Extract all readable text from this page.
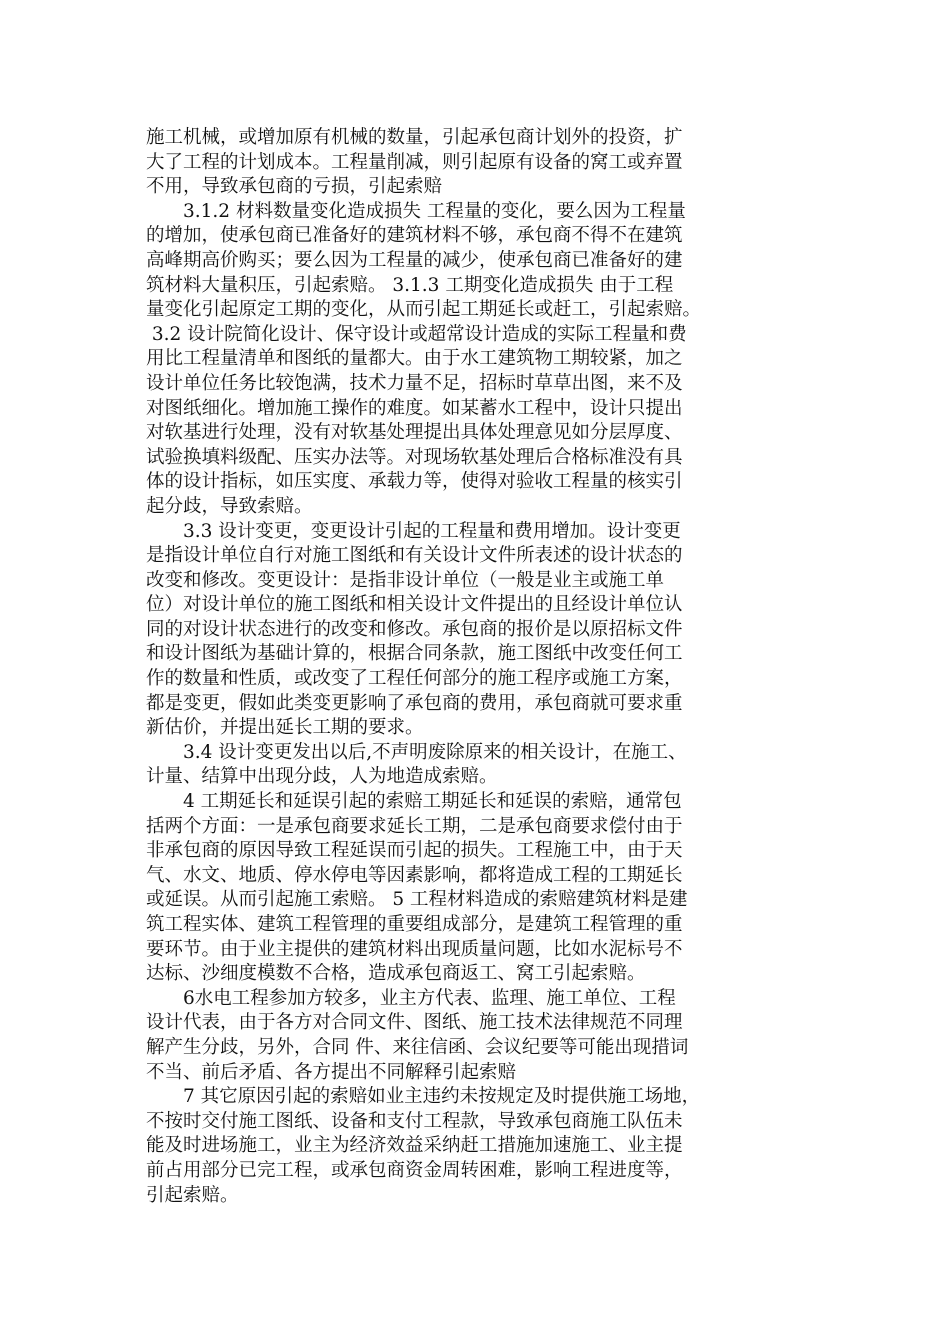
施工机械，或增加原有机械的数量，引起承包商计划外的投资，扩
大了工程的计划成本。工程量削减，则引起原有设备的窝工或弃置
不用，导致承包商的亏损，引起索赔
　　3.1.2 材料数量变化造成损失 工程量的变化，要么因为工程量
的增加，使承包商已准备好的建筑材料不够，承包商不得不在建筑
高峰期高价购买；要么因为工程量的减少，使承包商已准备好的建
筑材料大量积压，引起索赔。 3.1.3 工期变化造成损失 由于工程
量变化引起原定工期的变化，从而引起工期延长或赶工，引起索赔。
3.2 设计院简化设计、保守设计或超常设计造成的实际工程量和费
用比工程量清单和图纸的量都大。由于水工建筑物工期较紧，加之
设计单位任务比较饱满，技术力量不足，招标时草草出图，来不及
对图纸细化。增加施工操作的难度。如某蓄水工程中，设计只提出
对软基进行处理，没有对软基处理提出具体处理意见如分层厚度、
试验换填料级配、压实办法等。对现场软基处理后合格标准没有具
体的设计指标，如压实度、承载力等，使得对验收工程量的核实引
起分歧，导致索赔。
　　3.3 设计变更，变更设计引起的工程量和费用增加。设计变更
是指设计单位自行对施工图纸和有关设计文件所表述的设计状态的
改变和修改。变更设计：是指非设计单位（一般是业主或施工单
位）对设计单位的施工图纸和相关设计文件提出的且经设计单位认
同的对设计状态进行的改变和修改。承包商的报价是以原招标文件
和设计图纸为基础计算的，根据合同条款，施工图纸中改变任何工
作的数量和性质，或改变了工程任何部分的施工程序或施工方案，
都是变更，假如此类变更影响了承包商的费用，承包商就可要求重
新估价，并提出延长工期的要求。
　　3.4 设计变更发出以后,不声明废除原来的相关设计，在施工、
计量、结算中出现分歧，人为地造成索赔。
　　4 工期延长和延误引起的索赔工期延长和延误的索赔，通常包
括两个方面：一是承包商要求延长工期，二是承包商要求偿付由于
非承包商的原因导致工程延误而引起的损失。工程施工中，由于天
气、水文、地质、停水停电等因素影响，都将造成工程的工期延长
或延误。从而引起施工索赔。 5 工程材料造成的索赔建筑材料是建
筑工程实体、建筑工程管理的重要组成部分，是建筑工程管理的重
要环节。由于业主提供的建筑材料出现质量问题，比如水泥标号不
达标、沙细度模数不合格，造成承包商返工、窝工引起索赔。
　　6水电工程参加方较多，业主方代表、监理、施工单位、工程
设计代表，由于各方对合同文件、图纸、施工技术法律规范不同理
解产生分歧，另外，合同 件、来往信函、会议纪要等可能出现措词
不当、前后矛盾、各方提出不同解释引起索赔
　　7 其它原因引起的索赔如业主违约未按规定及时提供施工场地，
不按时交付施工图纸、设备和支付工程款，导致承包商施工队伍未
能及时进场施工，业主为经济效益采纳赶工措施加速施工、业主提
前占用部分已完工程，或承包商资金周转困难，影响工程进度等，
引起索赔。
